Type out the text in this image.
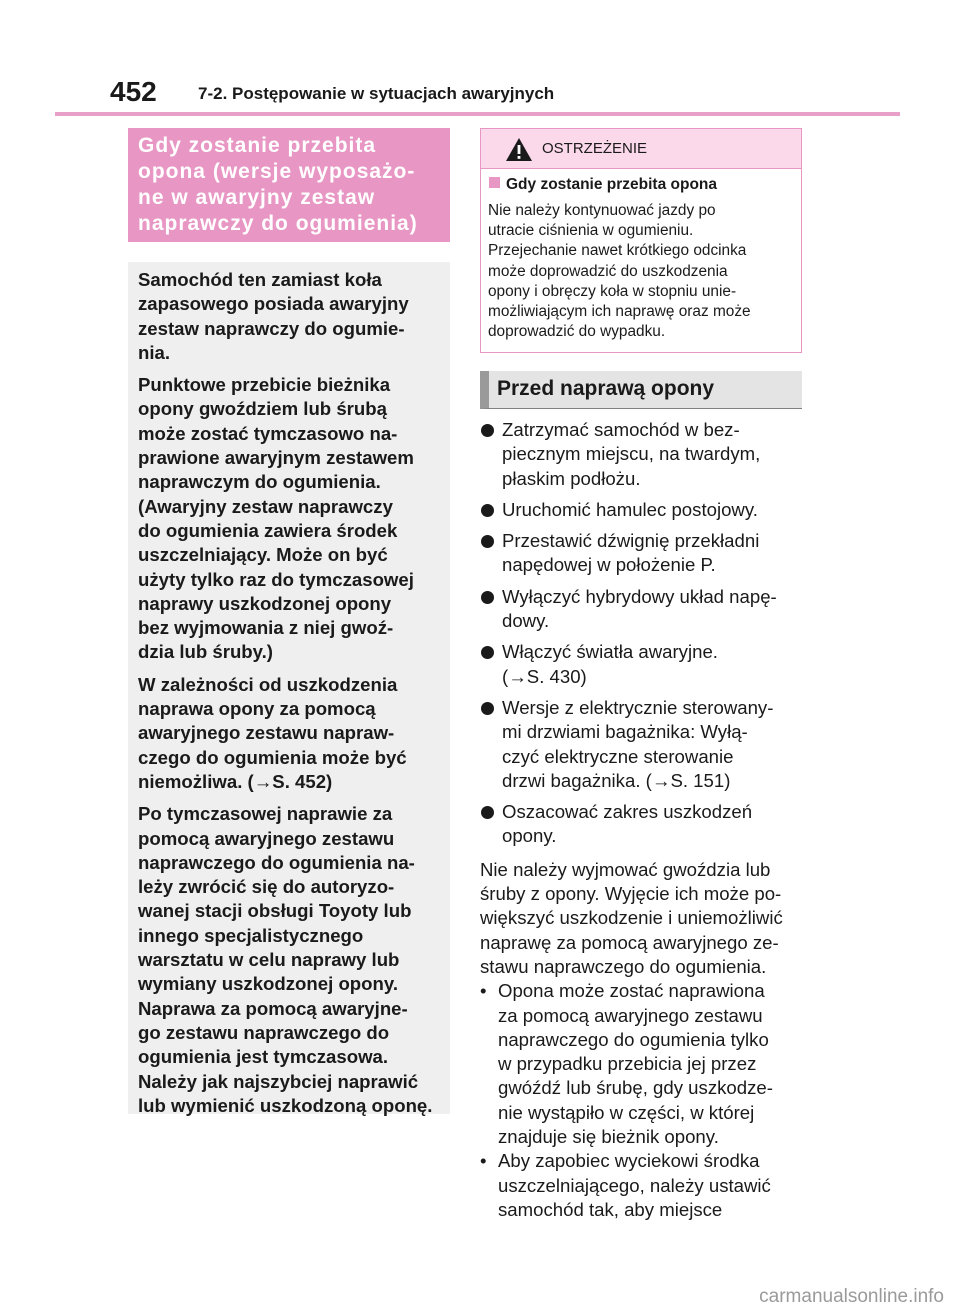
452 7-2. Postępowanie w sytuacjach awaryjnych
Gdy zostanie przebita
opona (wersje wyposażo-
ne w awaryjny zestaw
naprawczy do ogumienia)

Samochód ten zamiast koła
zapasowego posiada awaryjny
zestaw naprawczy do ogumie-
nia.

Punktowe przebicie bieżnika
opony gwoździem lub śrubą
może zostać tymczasowo na-
prawione awaryjnym zestawem
naprawczym do ogumienia.
(Awaryjny zestaw naprawczy
do ogumienia zawiera środek
uszczelniający. Może on być
użyty tylko raz do tymczasowej
naprawy uszkodzonej opony
bez wyjmowania z niej gwoź-
dzia lub śruby.)

W zależności od uszkodzenia
naprawa opony za pomocą
awaryjnego zestawu napraw-
czego do ogumienia może być
niemożliwa. (→S. 452)

Po tymczasowej naprawie za
pomocą awaryjnego zestawu
naprawczego do ogumienia na-
leży zwrócić się do autoryzo-
wanej stacji obsługi Toyoty lub
innego specjalistycznego
warsztatu w celu naprawy lub
wymiany uszkodzonej opony.
Naprawa za pomocą awaryjne-
go zestawu naprawczego do
ogumienia jest tymczasowa.
Należy jak najszybciej naprawić
lub wymienić uszkodzoną oponę.

OSTRZEŻENIE
Gdy zostanie przebita opona
Nie należy kontynuować jazdy po
utracie ciśnienia w ogumieniu.
Przejechanie nawet krótkiego odcinka
może doprowadzić do uszkodzenia
opony i obręczy koła w stopniu unie-
możliwiającym ich naprawę oraz może
doprowadzić do wypadku.
Przed naprawą opony
Zatrzymać samochód w bez-
piecznym miejscu, na twardym,
płaskim podłożu.
Uruchomić hamulec postojowy.
Przestawić dźwignię przekładni
napędowej w położenie P.
Wyłączyć hybrydowy układ napę-
dowy.
Włączyć światła awaryjne.
(→S. 430)
Wersje z elektrycznie sterowany-
mi drzwiami bagażnika: Wyłą-
czyć elektryczne sterowanie
drzwi bagażnika. (→S. 151)
Oszacować zakres uszkodzeń
opony.
Nie należy wyjmować gwoździa lub
śruby z opony. Wyjęcie ich może po-
większyć uszkodzenie i uniemożliwić
naprawę za pomocą awaryjnego ze-
stawu naprawczego do ogumienia.
• Opona może zostać naprawiona
za pomocą awaryjnego zestawu
naprawczego do ogumienia tylko
w przypadku przebicia jej przez
gwóźdź lub śrubę, gdy uszkodze-
nie wystąpiło w części, w której
znajduje się bieżnik opony.
• Aby zapobiec wyciekowi środka
uszczelniającego, należy ustawić
samochód tak, aby miejsce
carmanualsonline.info
